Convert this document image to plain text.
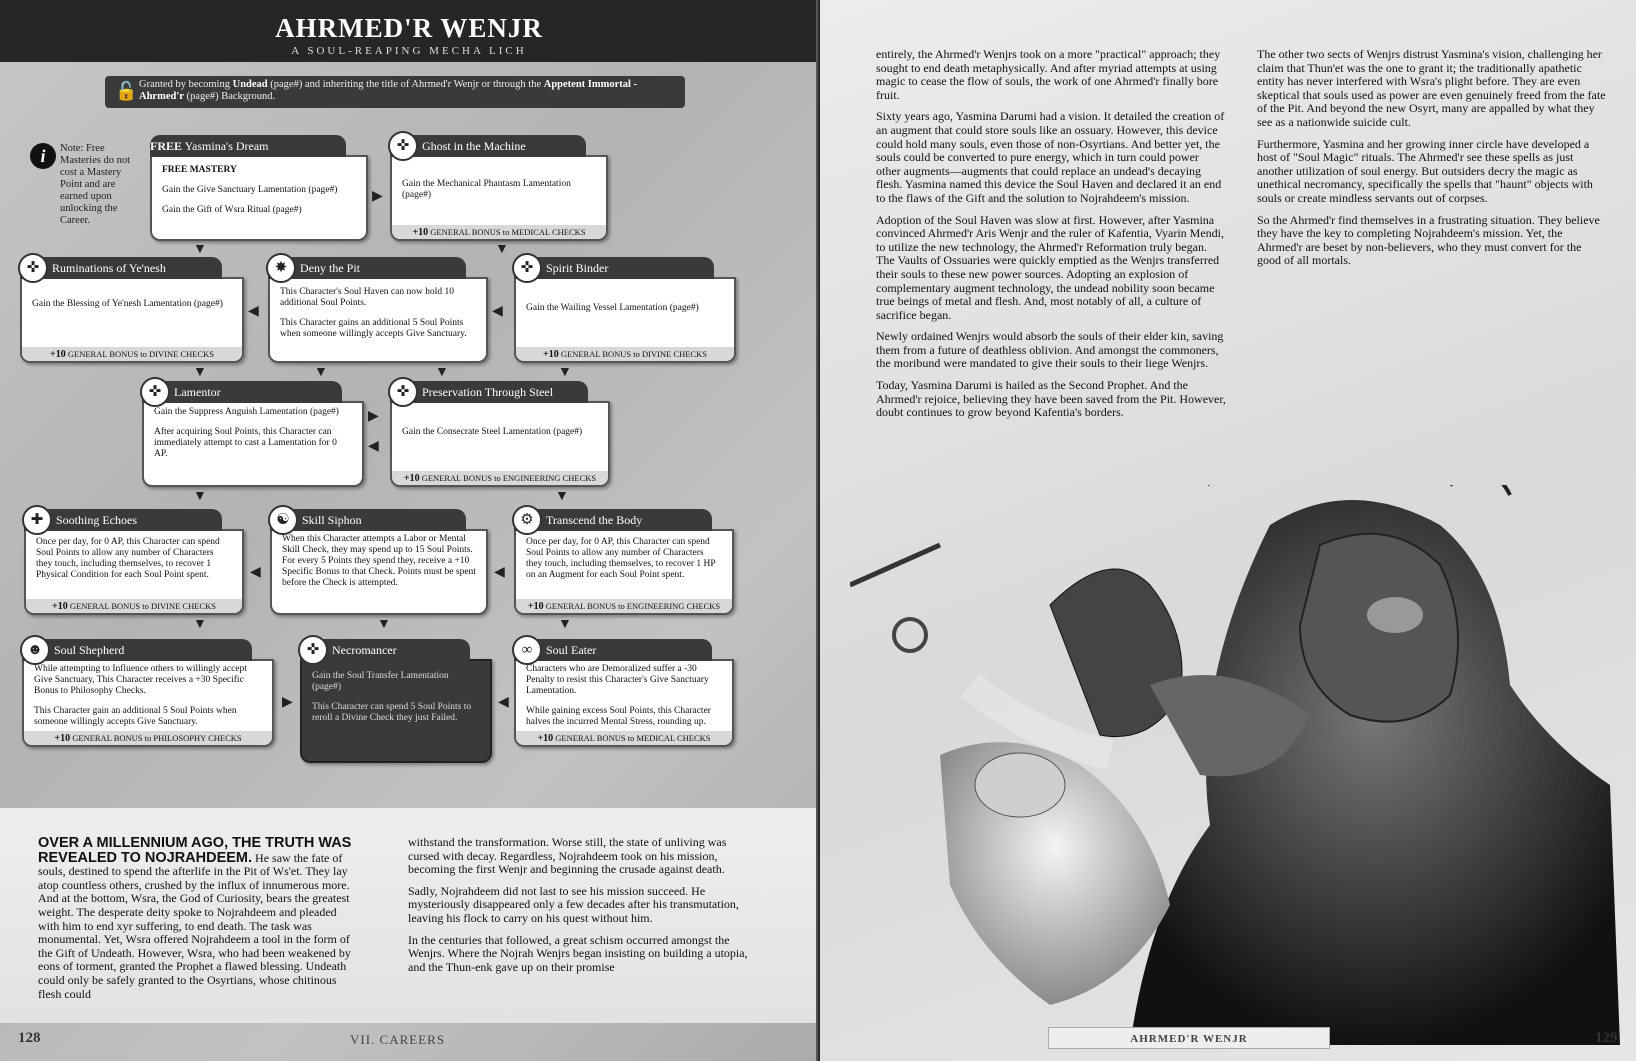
AHRMED'R WENJR
A SOUL-REAPING MECHA LICH
🔓 Granted by becoming Undead (page#) and inheriting the title of Ahrmed'r Wenjr or through the Appetent Immortal - Ahrmed'r (page#) Background.
i	Note: Free Masteries do not cost a Mastery Point and are earned upon unlocking the Career.
FREE Yasmina's Dream

FREE MASTERY

Gain the Give Sanctuary Lamentation (page#)

Gain the Gift of Wsra Ritual (page#)

▶
✜	Ghost in the Machine

Gain the Mechanical Phantasm Lamentation (page#)

+10 GENERAL BONUS to MEDICAL CHECKS
▼	▼
✜	Ruminations of Ye'nesh

Gain the Blessing of Ye'nesh Lamentation (page#)

+10 GENERAL BONUS to DIVINE CHECKS
◀
✸	Deny the Pit

This Character's Soul Haven can now hold 10 additional Soul Points.

This Character gains an additional 5 Soul Points when someone willingly accepts Give Sanctuary.

◀
✜	Spirit Binder

Gain the Wailing Vessel Lamentation (page#)

+10 GENERAL BONUS to DIVINE CHECKS
▼	▼	▼	▼
✜	Lamentor

Gain the Suppress Anguish Lamentation (page#)

After acquiring Soul Points, this Character can immediately attempt to cast a Lamentation for 0 AP.

▶
◀
✜	Preservation Through Steel

Gain the Consecrate Steel Lamentation (page#)

+10 GENERAL BONUS to ENGINEERING CHECKS
▼	▼
✚	Soothing Echoes

Once per day, for 0 AP, this Character can spend Soul Points to allow any number of Characters they touch, including themselves, to recover 1 Physical Condition for each Soul Point spent.

+10 GENERAL BONUS to DIVINE CHECKS
◀
☯	Skill Siphon

When this Character attempts a Labor or Mental Skill Check, they may spend up to 15 Soul Points. For every 5 Points they spend they, receive a +10 Specific Bonus to that Check. Points must be spent before the Check is attempted.

◀
⚙	Transcend the Body

Once per day, for 0 AP, this Character can spend Soul Points to allow any number of Characters they touch, including themselves, to recover 1 HP on an Augment for each Soul Point spent.

+10 GENERAL BONUS to ENGINEERING CHECKS
▼	▼	▼
☻ Soul Shepherd

While attempting to Influence others to willingly accept Give Sanctuary, This Character receives a +30 Specific Bonus to Philosophy Checks.

This Character gain an additional 5 Soul Points when someone willingly accepts Give Sanctuary.

+10 GENERAL BONUS to PHILOSOPHY CHECKS
▶
✜	Necromancer

Gain the Soul Transfer Lamentation (page#)

This Character can spend 5 Soul Points to reroll a Divine Check they just Failed.

◀
∞	Soul Eater

Characters who are Demoralized suffer a -30 Penalty to resist this Character's Give Sanctuary Lamentation.

While gaining excess Soul Points, this Character halves the incurred Mental Stress, rounding up.

+10 GENERAL BONUS to MEDICAL CHECKS
OVER A MILLENNIUM AGO, THE TRUTH WAS REVEALED TO NOJRAHDEEM. He saw the fate of souls, destined to spend the afterlife in the Pit of Ws'et. They lay atop countless others, crushed by the influx of innumerous more. And at the bottom, Wsra, the God of Curiosity, bears the greatest weight. The desperate deity spoke to Nojrahdeem and pleaded with him to end xyr suffering, to end death. The task was monumental. Yet, Wsra offered Nojrahdeem a tool in the form of the Gift of Undeath. However, Wsra, who had been weakened by eons of torment, granted the Prophet a flawed blessing. Undeath could only be safely granted to the Osyrtians, whose chitinous flesh could

withstand the transformation. Worse still, the state of unliving was cursed with decay. Regardless, Nojrahdeem took on his mission, becoming the first Wenjr and beginning the crusade against death.

Sadly, Nojrahdeem did not last to see his mission succeed. He mysteriously disappeared only a few decades after his transmutation, leaving his flock to carry on his quest without him.

In the centuries that followed, a great schism occurred amongst the Wenjrs. Where the Nojrah Wenjrs began insisting on building a utopia, and the Thun-enk gave up on their promise

128	VII. CAREERS

entirely, the Ahrmed'r Wenjrs took on a more "practical" approach; they sought to end death metaphysically. And after myriad attempts at using magic to cease the flow of souls, the work of one Ahrmed'r finally bore fruit.

Sixty years ago, Yasmina Darumi had a vision. It detailed the creation of an augment that could store souls like an ossuary. However, this device could hold many souls, even those of non-Osyrtians. And better yet, the souls could be converted to pure energy, which in turn could power other augments—augments that could replace an undead's decaying flesh. Yasmina named this device the Soul Haven and declared it an end to the flaws of the Gift and the solution to Nojrahdeem's mission.

Adoption of the Soul Haven was slow at first. However, after Yasmina convinced Ahrmed'r Aris Wenjr and the ruler of Kafentia, Vyarin Mendi, to utilize the new technology, the Ahrmed'r Reformation truly began. The Vaults of Ossuaries were quickly emptied as the Wenjrs transferred their souls to these new power sources. Adopting an explosion of complementary augment technology, the undead nobility soon became true beings of metal and flesh. And, most notably of all, a culture of sacrifice began.

Newly ordained Wenjrs would absorb the souls of their elder kin, saving them from a future of deathless oblivion. And amongst the commoners, the moribund were mandated to give their souls to their liege Wenjrs.

Today, Yasmina Darumi is hailed as the Second Prophet. And the Ahrmed'r rejoice, believing they have been saved from the Pit. However, doubt continues to grow beyond Kafentia's borders.

The other two sects of Wenjrs distrust Yasmina's vision, challenging her claim that Thun'et was the one to grant it; the traditionally apathetic entity has never interfered with Wsra's plight before. They are even skeptical that souls used as power are even genuinely freed from the fate of the Pit. And beyond the new Osyrt, many are appalled by what they see as a nationwide suicide cult.

Furthermore, Yasmina and her growing inner circle have developed a host of "Soul Magic" rituals. The Ahrmed'r see these spells as just another utilization of soul energy. But outsiders decry the magic as unethical necromancy, specifically the spells that "haunt" objects with souls or create mindless servants out of corpses.

So the Ahrmed'r find themselves in a frustrating situation. They believe they have the key to completing Nojrahdeem's mission. Yet, the Ahrmed'r are beset by non-believers, who they must convert for the good of all mortals.

AHRMED'R WENJR	129
